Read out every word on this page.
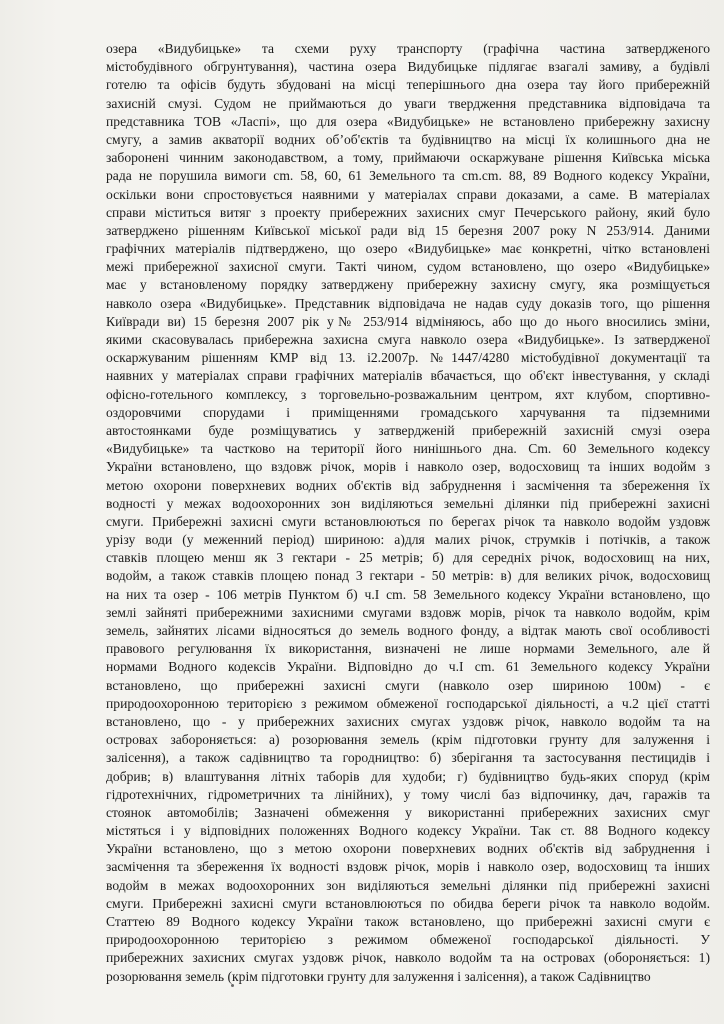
озера «Видубицьке» та схеми руху транспорту (графічна частина затвердженого
містобудівного обгрунтування), частина озера Видубицьке підлягає взагалі замиву, а будівлі
готелю та офісів будуть збудовані на місці теперішнього дна озера тау його прибережній
захисній смузі. Судом не приймаються до уваги твердження представника відповідача та
представника ТОВ «Ласпі», що для озера «Видубицьке» не встановлено прибережну захисну
смугу, а замив акваторії водних об’об'єктів та будівництво на місці їх колишнього дна не
заборонені чинним законодавством, а тому, приймаючи оскаржуване рішення Київська міська
рада не порушила вимоги cm. 58, 60, 61 Земельного та cm.cm. 88, 89 Водного кодексу України,
оскільки вони спростовується наявними у матеріалах справи доказами, а саме. В матеріалах
справи міститься витяг з проекту прибережних захисних смуг Печерського району, який було
затверджено рішенням Київської міської ради від 15 березня 2007 року N 253/914. Даними
графічних матеріалів підтверджено, що озеро «Видубицьке» має конкретні, чітко встановлені
межі прибережної захисної смуги. Такті чином, судом встановлено, що озеро «Видубицьке»
має у встановленому порядку затверджену прибережну захисну смугу, яка розміщується
навколо озера «Видубицьке». Представник відповідача не надав суду доказів того, що рішення
Київради ви) 15 березня 2007 рік у№ 253/914 відміняюсь, або що до нього вносились зміни,
якими скасовувалась прибережна захисна смуга навколо озера «Видубицьке». Із затвердженої
оскаржуваним рішенням КМР від 13. і2.2007р. №1447/4280 містобудівної документації та
наявних у матеріалах справи графічних матеріалів вбачається, що об'єкт інвестування, у складі
офісно-готельного комплексу, з торговельно-розважальним центром, яхт клубом, спортивно-
оздоровчими спорудами і приміщеннями громадського харчування та підземними
автостоянками буде розміщуватись у затвердженій прибережній захисній смузі озера
«Видубицьке» та частково на території його нинішнього дна. Cm. 60 Земельного кодексу
України встановлено, що вздовж річок, морів і навколо озер, водосховищ та інших водойм з
метою охорони поверхневих водних об'єктів від забруднення і засмічення та збереження їх
водності у межах водоохоронних зон виділяються земельні ділянки під прибережні захисні
смуги. Прибережні захисні смуги встановлюються по берегах річок та навколо водойм уздовж
урізу води (у меженний період) шириною: а)для малих річок, струмків і потічків, а також
ставків площею менш як 3 гектари - 25 метрів; б) для середніх річок, водосховищ на них,
водойм, а також ставків площею понад 3 гектари - 50 метрів: в) для великих річок, водосховищ
на них та озер - 106 метрів Пунктом б) ч.І cm. 58 Земельного кодексу України встановлено, що
землі зайняті прибережними захисними смугами вздовж морів, річок та навколо водойм, крім
земель, зайнятих лісами відносяться до земель водного фонду, а відтак мають свої особливості
правового регулювання їх використання, визначені не лише нормами Земельного, але й
нормами Водного кодексів України. Відповідно до ч.І cm. 61 Земельного кодексу України
встановлено, що прибережні захисні смуги (навколо озер шириною 100м) - є
природоохоронною територією з режимом обмеженої господарської діяльності, а ч.2 цієї статті
встановлено, що - у прибережних захисних смугах уздовж річок, навколо водойм та на
островах забороняється: а) розорювання земель (крім підготовки грунту для залуження і
залісення), а також садівництво та городництво: б) зберігання та застосування пестицидів і
добрив; в) влаштування літніх таборів для худоби; г) будівництво будь-яких споруд (крім
гідротехнічних, гідрометричних та лінійних), у тому числі баз відпочинку, дач, гаражів та
стоянок автомобілів; Зазначені обмеження у використанні прибережних захисних смуг
містяться і у відповідних положеннях Водного кодексу України. Так ст. 88 Водного кодексу
України встановлено, що з метою охорони поверхневих водних об'єктів від забруднення і
засмічення та збереження їх водності вздовж річок, морів і навколо озер, водосховищ та інших
водойм в межах водоохоронних зон виділяються земельні ділянки під прибережні захисні
смуги. Прибережні захисні смуги встановлюються по обидва береги річок та навколо водойм.
Статтею 89 Водного кодексу України також встановлено, що прибережні захисні смуги є
природоохоронною територією з режимом обмеженої господарської діяльності. У
прибережних захисних смугах уздовж річок, навколо водойм та на островах (обороняється: 1)
розорювання земель (крім підготовки грунту для залуження і залісення), а також Садівництво
